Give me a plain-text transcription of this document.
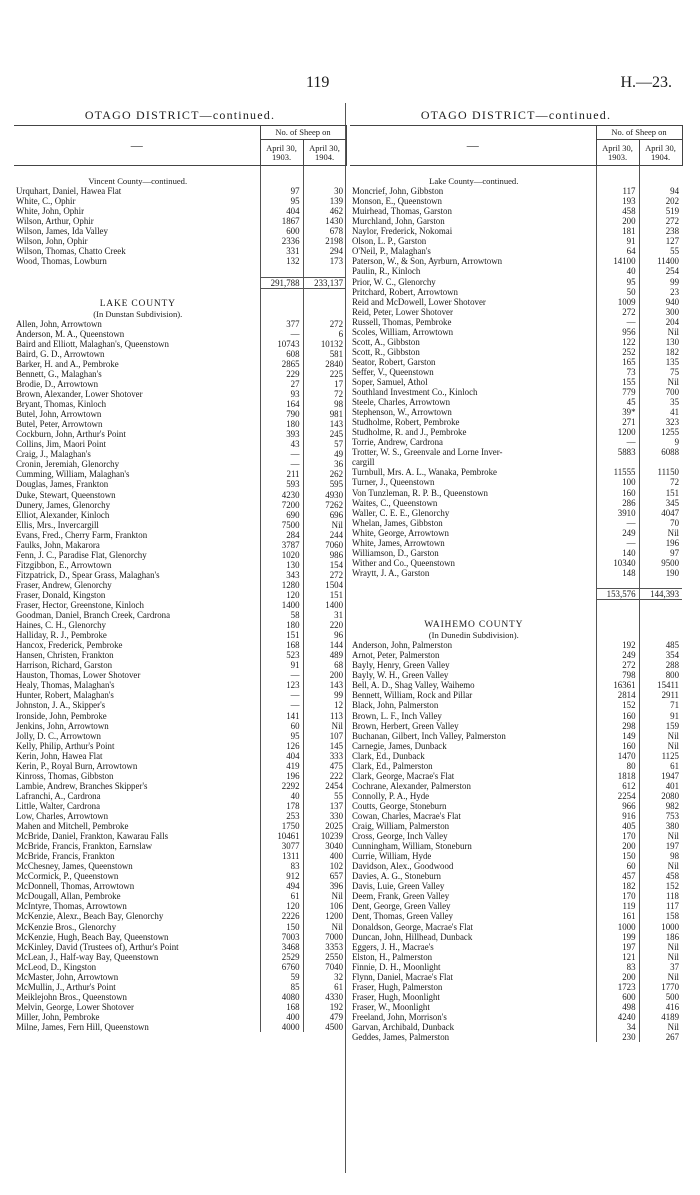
119	H.—23.
OTAGO DISTRICT—continued.
—	No. of Sheep on	
	April 30, 1903.	April 30, 1904.

Vincent County—continued.		
Urquhart, Daniel, Hawea Flat	97	30
White, C., Ophir	95	139
White, John, Ophir	404	462
Wilson, Arthur, Ophir	1867	1430
Wilson, James, Ida Valley	600	678
Wilson, John, Ophir	2336	2198
Wilson, Thomas, Chatto Creek	331	294
Wood, Thomas, Lowburn	132	173

	291,788	233,137

LAKE COUNTY		
(In Dunstan Subdivision).		
Allen, John, Arrowtown	377	272
Anderson, M. A., Queenstown	—	6
Baird and Elliott, Malaghan's, Queenstown	10743	10132
Baird, G. D., Arrowtown	608	581
Barker, H. and A., Pembroke	2865	2840
Bennett, G., Malaghan's	229	225
Brodie, D., Arrowtown	27	17
Brown, Alexander, Lower Shotover	93	72
Bryant, Thomas, Kinloch	164	98
Butel, John, Arrowtown	790	981
Butel, Peter, Arrowtown	180	143
Cockburn, John, Arthur's Point	393	245
Collins, Jim, Maori Point	43	57
Craig, J., Malaghan's	—	49
Cronin, Jeremiah, Glenorchy	—	36
Cumming, William, Malaghan's	211	262
Douglas, James, Frankton	593	595
Duke, Stewart, Queenstown	4230	4930
Dunery, James, Glenorchy	7200	7262
Elliot, Alexander, Kinloch	690	696
Ellis, Mrs., Invercargill	7500	Nil
Evans, Fred., Cherry Farm, Frankton	284	244
Faulks, John, Makarora	3787	7060
Fenn, J. C., Paradise Flat, Glenorchy	1020	986
Fitzgibbon, E., Arrowtown	130	154
Fitzpatrick, D., Spear Grass, Malaghan's	343	272
Fraser, Andrew, Glenorchy	1280	1504
Fraser, Donald, Kingston	120	151
Fraser, Hector, Greenstone, Kinloch	1400	1400
Goodman, Daniel, Branch Creek, Cardrona	58	31
Haines, C. H., Glenorchy	180	220
Halliday, R. J., Pembroke	151	96
Hancox, Frederick, Pembroke	168	144
Hansen, Christen, Frankton	523	489
Harrison, Richard, Garston	91	68
Hauston, Thomas, Lower Shotover	—	200
Healy, Thomas, Malaghan's	123	143
Hunter, Robert, Malaghan's	—	99
Johnston, J. A., Skipper's	—	12
Ironside, John, Pembroke	141	113
Jenkins, John, Arrowtown	60	Nil
Jolly, D. C., Arrowtown	95	107
Kelly, Philip, Arthur's Point	126	145
Kerin, John, Hawea Flat	404	333
Kerin, P., Royal Burn, Arrowtown	419	475
Kinross, Thomas, Gibbston	196	222
Lambie, Andrew, Branches Skipper's	2292	2454
Lafranchi, A., Cardrona	40	55
Little, Walter, Cardrona	178	137
Low, Charles, Arrowtown	253	330
Mahen and Mitchell, Pembroke	1750	2025
McBride, Daniel, Frankton, Kawarau Falls	10461	10239
McBride, Francis, Frankton, Earnslaw	3077	3040
McBride, Francis, Frankton	1311	400
McChesney, James, Queenstown	83	102
McCormick, P., Queenstown	912	657
McDonnell, Thomas, Arrowtown	494	396
McDougall, Allan, Pembroke	61	Nil
McIntyre, Thomas, Arrowtown	120	106
McKenzie, Alexr., Beach Bay, Glenorchy	2226	1200
McKenzie Bros., Glenorchy	150	Nil
McKenzie, Hugh, Beach Bay, Queenstown	7003	7000
McKinley, David (Trustees of), Arthur's Point	3468	3353
McLean, J., Half-way Bay, Queenstown	2529	2550
McLeod, D., Kingston	6760	7040
McMaster, John, Arrowtown	59	32
McMullin, J., Arthur's Point	85	61
Meiklejohn Bros., Queenstown	4080	4330
Melvin, George, Lower Shotover	168	192
Miller, John, Pembroke	400	479
Milne, James, Fern Hill, Queenstown	4000	4500
OTAGO DISTRICT—continued.
—	No. of Sheep on	
	April 30, 1903.	April 30, 1904.

Lake County—continued.		
Moncrief, John, Gibbston	117	94
Monson, E., Queenstown	193	202
Muirhead, Thomas, Garston	458	519
Murchland, John, Garston	200	272
Naylor, Frederick, Nokomai	181	238
Olson, L. P., Garston	91	127
O'Neil, P., Malaghan's	64	55
Paterson, W., & Son, Ayrburn, Arrowtown	14100	11400
Paulin, R., Kinloch	40	254
Prior, W. C., Glenorchy	95	99
Pritchard, Robert, Arrowtown	50	23
Reid and McDowell, Lower Shotover	1009	940
Reid, Peter, Lower Shotover	272	300
Russell, Thomas, Pembroke	—	204
Scoles, William, Arrowtown	956	Nil
Scott, A., Gibbston	122	130
Scott, R., Gibbston	252	182
Seator, Robert, Garston	165	135
Seffer, V., Queenstown	73	75
Soper, Samuel, Athol	155	Nil
Southland Investment Co., Kinloch	779	700
Steele, Charles, Arrowtown	45	35
Stephenson, W., Arrowtown	39*	41
Studholme, Robert, Pembroke	271	323
Studholme, R. and J., Pembroke	1200	1255
Torrie, Andrew, Cardrona	—	9
Trotter, W. S., Greenvale and Lorne Inver-	5883	6088
cargill		
Turnbull, Mrs. A. L., Wanaka, Pembroke	11555	11150
Turner, J., Queenstown	100	72
Von Tunzleman, R. P. B., Queenstown	160	151
Waites, C., Queenstown	286	345
Waller, C. E. E., Glenorchy	3910	4047
Whelan, James, Gibbston	—	70
White, George, Arrowtown	249	Nil
White, James, Arrowtown	—	196
Williamson, D., Garston	140	97
Wither and Co., Queenstown	10340	9500
Wraytt, J. A., Garston	148	190

	153,576	144,393

WAIHEMO COUNTY		
(In Dunedin Subdivision).		
Anderson, John, Palmerston	192	485
Arnot, Peter, Palmerston	249	354
Bayly, Henry, Green Valley	272	288
Bayly, W. H., Green Valley	798	800
Bell, A. D., Shag Valley, Waihemo	16361	15411
Bennett, William, Rock and Pillar	2814	2911
Black, John, Palmerston	152	71
Brown, L. F., Inch Valley	160	91
Brown, Herbert, Green Valley	298	159
Buchanan, Gilbert, Inch Valley, Palmerston	149	Nil
Carnegie, James, Dunback	160	Nil
Clark, Ed., Dunback	1470	1125
Clark, Ed., Palmerston	80	61
Clark, George, Macrae's Flat	1818	1947
Cochrane, Alexander, Palmerston	612	401
Connolly, P. A., Hyde	2254	2080
Coutts, George, Stoneburn	966	982
Cowan, Charles, Macrae's Flat	916	753
Craig, William, Palmerston	405	380
Cross, George, Inch Valley	170	Nil
Cunningham, William, Stoneburn	200	197
Currie, William, Hyde	150	98
Davidson, Alex., Goodwood	60	Nil
Davies, A. G., Stoneburn	457	458
Davis, Luie, Green Valley	182	152
Deem, Frank, Green Valley	170	118
Dent, George, Green Valley	119	117
Dent, Thomas, Green Valley	161	158
Donaldson, George, Macrae's Flat	1000	1000
Duncan, John, Hillhead, Dunback	199	186
Eggers, J. H., Macrae's	197	Nil
Elston, H., Palmerston	121	Nil
Finnie, D. H., Moonlight	83	37
Flynn, Daniel, Macrae's Flat	200	Nil
Fraser, Hugh, Palmerston	1723	1770
Fraser, Hugh, Moonlight	600	500
Fraser, W., Moonlight	498	416
Freeland, John, Morrison's	4240	4189
Garvan, Archibald, Dunback	34	Nil
Geddes, James, Palmerston	230	267
